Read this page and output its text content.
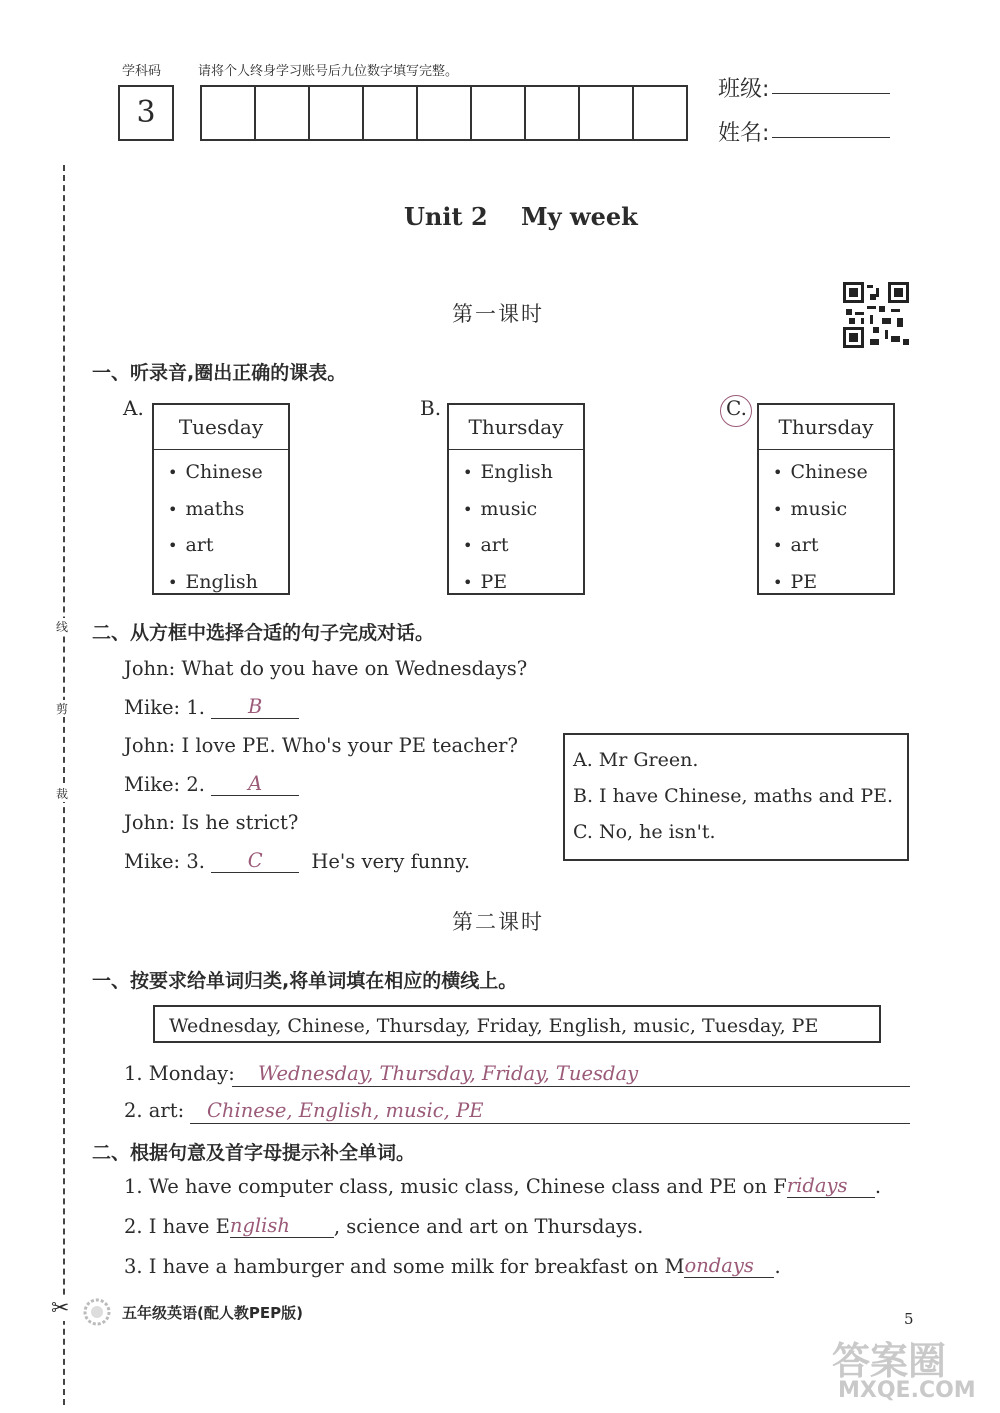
线
剪
裁
✂
学科码	请将个人终身学习账号后九位数字填写完整。
3
班级:
姓名:
Unit 2    My week
第一课时
一、听录音,圈出正确的课表。
A.
Tuesday
• Chinese
• maths
• art
• English
B.
Thursday
• English
• music
• art
• PE
C.
Thursday
• Chinese
• music
• art
• PE
二、从方框中选择合适的句子完成对话。
John: What do you have on Wednesdays?
Mike: 1. B
John: I love PE. Who's your PE teacher?
Mike: 2. A
John: Is he strict?
Mike: 3. C	He's very funny.
A. Mr Green.
B. I have Chinese, maths and PE.
C. No, he isn't.
第二课时
一、按要求给单词归类,将单词填在相应的横线上。
Wednesday, Chinese, Thursday, Friday, English, music, Tuesday, PE
1. Monday: Wednesday, Thursday, Friday, Tuesday
2. art: Chinese, English, music, PE
二、根据句意及首字母提示补全单词。
1. We have computer class, music class, Chinese class and PE on Fridays .
2. I have English , science and art on Thursdays.
3. I have a hamburger and some milk for breakfast on Mondays .
五年级英语(配人教PEP版)	5
答案圈
MXQE.COM
